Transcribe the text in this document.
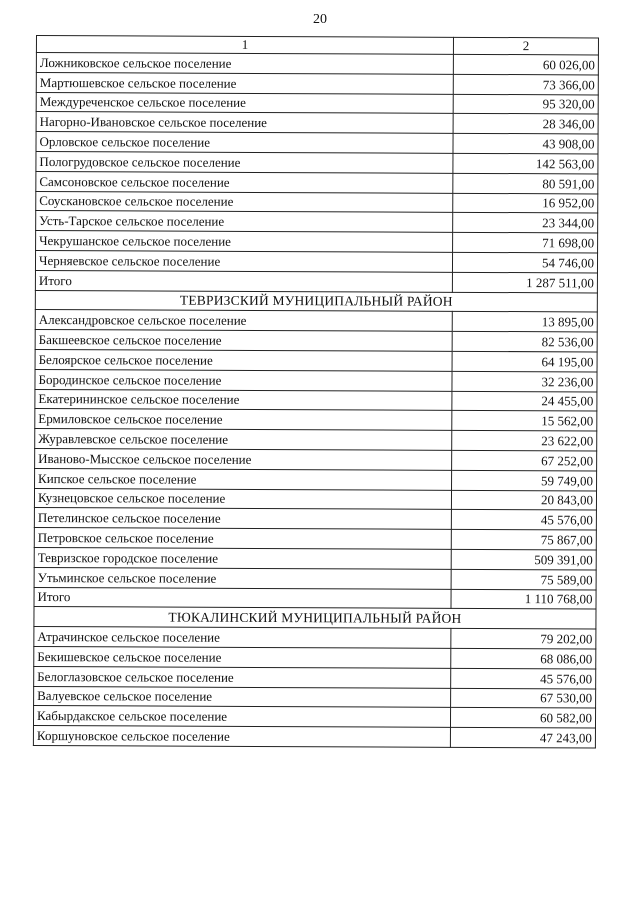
20
1	2
Ложниковское сельское поселение	60 026,00
Мартюшевское сельское поселение	73 366,00
Междуреченское сельское поселение	95 320,00
Нагорно-Ивановское сельское поселение	28 346,00
Орловское сельское поселение	43 908,00
Пологрудовское сельское поселение	142 563,00
Самсоновское сельское поселение	80 591,00
Соускановское сельское поселение	16 952,00
Усть-Тарское сельское поселение	23 344,00
Чекрушанское сельское поселение	71 698,00
Черняевское сельское поселение	54 746,00
Итого	1 287 511,00
ТЕВРИЗСКИЙ МУНИЦИПАЛЬНЫЙ РАЙОН	
Александровское сельское поселение	13 895,00
Бакшеевское сельское поселение	82 536,00
Белоярское сельское поселение	64 195,00
Бородинское сельское поселение	32 236,00
Екатерининское сельское поселение	24 455,00
Ермиловское сельское поселение	15 562,00
Журавлевское сельское поселение	23 622,00
Иваново-Мысское сельское поселение	67 252,00
Кипское сельское поселение	59 749,00
Кузнецовское сельское поселение	20 843,00
Петелинское сельское поселение	45 576,00
Петровское сельское поселение	75 867,00
Тевризское городское поселение	509 391,00
Утьминское сельское поселение	75 589,00
Итого	1 110 768,00
ТЮКАЛИНСКИЙ МУНИЦИПАЛЬНЫЙ РАЙОН	
Атрачинское сельское поселение	79 202,00
Бекишевское сельское поселение	68 086,00
Белоглазовское сельское поселение	45 576,00
Валуевское сельское поселение	67 530,00
Кабырдакское сельское поселение	60 582,00
Коршуновское сельское поселение	47 243,00
